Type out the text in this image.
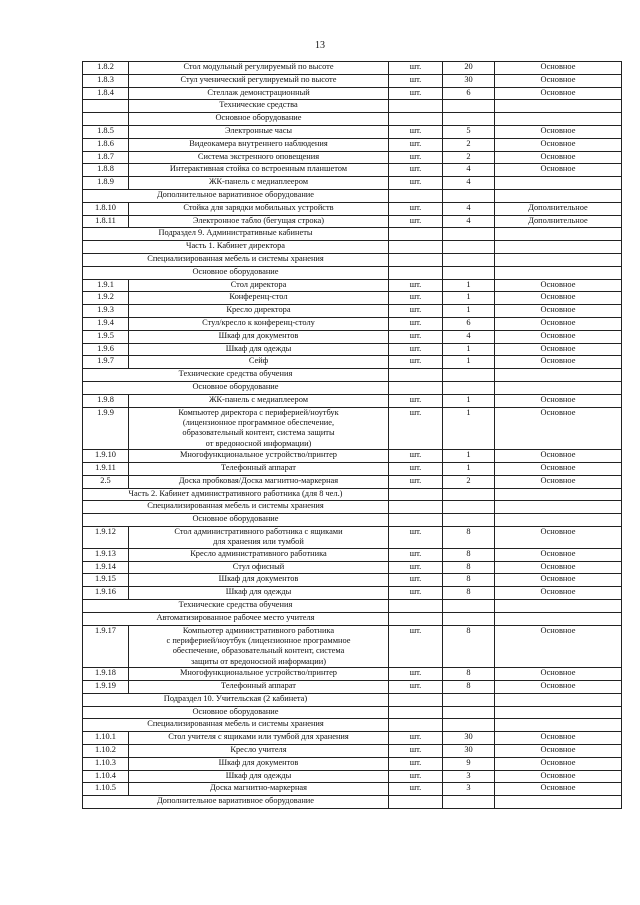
13
1.8.2	Стол модульный регулируемый по высоте	шт.	20	Основное
1.8.3	Стул ученический регулируемый по высоте	шт.	30	Основное
1.8.4	Стеллаж демонстрационный	шт.	6	Основное
	Технические средства			
	Основное оборудование			
1.8.5	Электронные часы	шт.	5	Основное
1.8.6	Видеокамера внутреннего наблюдения	шт.	2	Основное
1.8.7	Система экстренного оповещения	шт.	2	Основное
1.8.8	Интерактивная стойка со встроенным планшетом	шт.	4	Основное
1.8.9	ЖК-панель с медиаплеером	шт.	4	
Дополнительное вариативное оборудование				
1.8.10	Стойка для зарядки мобильных устройств	шт.	4	Дополнительное
1.8.11	Электронное табло (бегущая строка)	шт.	4	Дополнительное
Подраздел 9. Административные кабинеты				
Часть 1. Кабинет директора				
Специализированная мебель и системы хранения				
Основное оборудование				
1.9.1	Стол директора	шт.	1	Основное
1.9.2	Конференц-стол	шт.	1	Основное
1.9.3	Кресло директора	шт.	1	Основное
1.9.4	Стул/кресло к конференц-столу	шт.	6	Основное
1.9.5	Шкаф для документов	шт.	4	Основное
1.9.6	Шкаф для одежды	шт.	1	Основное
1.9.7	Сейф	шт.	1	Основное
Технические средства обучения				
Основное оборудование				
1.9.8	ЖК-панель с медиаплеером	шт.	1	Основное
1.9.9	Компьютер директора с периферией/ноутбук
(лицензионное программное обеспечение,
образовательный контент, система защиты
от вредоносной информации)	шт.	1	Основное
1.9.10	Многофункциональное устройство/принтер	шт.	1	Основное
1.9.11	Телефонный аппарат	шт.	1	Основное
2.5	Доска пробковая/Доска магнитно-маркерная	шт.	2	Основное
Часть 2. Кабинет административного работника (для 8 чел.)				
Специализированная мебель и системы хранения				
Основное оборудование				
1.9.12	Стол административного работника с ящиками
для хранения или тумбой	шт.	8	Основное
1.9.13	Кресло административного работника	шт.	8	Основное
1.9.14	Стул офисный	шт.	8	Основное
1.9.15	Шкаф для документов	шт.	8	Основное
1.9.16	Шкаф для одежды	шт.	8	Основное
Технические средства обучения				
Автоматизированное рабочее место учителя				
1.9.17	Компьютер административного работника
с периферией/ноутбук (лицензионное программное
обеспечение, образовательный контент, система
защиты от вредоносной информации)	шт.	8	Основное
1.9.18	Многофункциональное устройство/принтер	шт.	8	Основное
1.9.19	Телефонный аппарат	шт.	8	Основное
Подраздел 10. Учительская (2 кабинета)				
Основное оборудование				
Специализированная мебель и системы хранения				
1.10.1	Стол учителя с ящиками или тумбой для хранения	шт.	30	Основное
1.10.2	Кресло учителя	шт.	30	Основное
1.10.3	Шкаф для документов	шт.	9	Основное
1.10.4	Шкаф для одежды	шт.	3	Основное
1.10.5	Доска магнитно-маркерная	шт.	3	Основное
Дополнительное вариативное оборудование				
